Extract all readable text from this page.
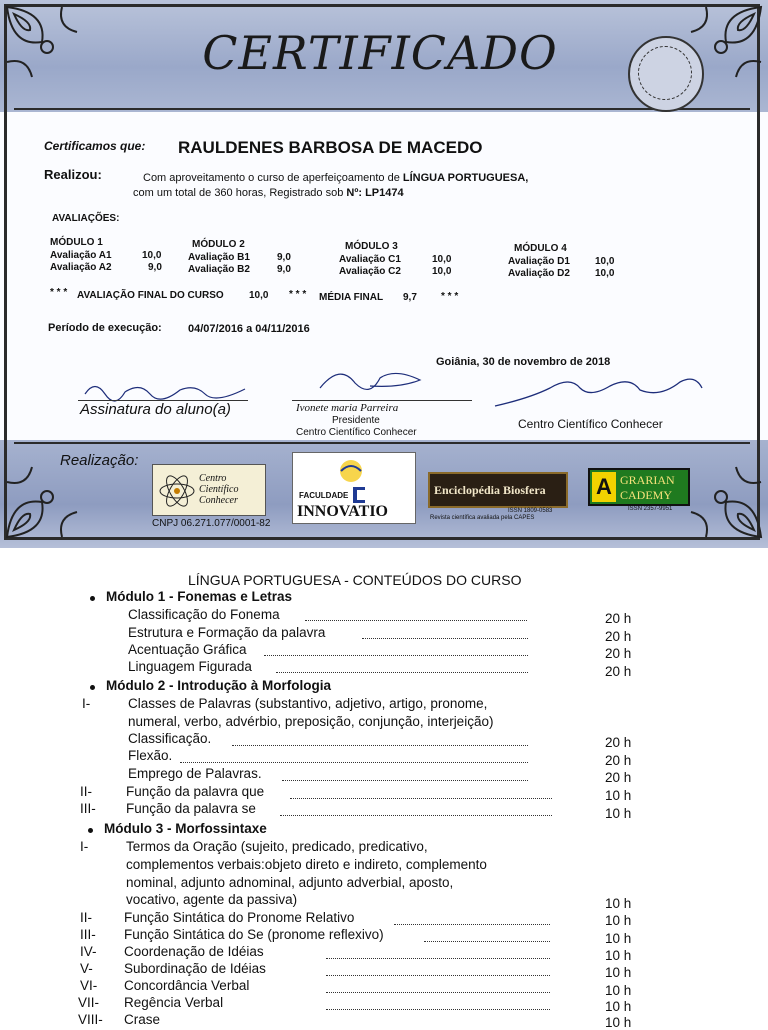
CERTIFICADO
Certificamos que: RAULDENES BARBOSA DE MACEDO
Realizou:	Com aproveitamento o curso de aperfeiçoamento de LÍNGUA PORTUGUESA,
com um total de 360 horas, Registrado sob Nº: LP1474
AVALIAÇÕES:
MÓDULO 1
Avaliação A1	10,0
Avaliação A2	9,0
MÓDULO 2
Avaliação B1	9,0
Avaliação B2	9,0
MÓDULO 3
Avaliação C1	10,0
Avaliação C2	10,0
MÓDULO 4
Avaliação D1	10,0
Avaliação D2	10,0
* * * AVALIAÇÃO FINAL DO CURSO	10,0 * * * MÉDIA FINAL 9,7 * * *
Período de execução: 04/07/2016 a 04/11/2016
Goiânia, 30 de novembro de 2018
Assinatura do aluno(a)	Ivonete maria Parreira
Presidente
Centro Científico Conhecer
Centro Científico Conhecer
Realização:
Centro Científico Conhecer
CNPJ 06.271.077/0001-82
FACULDADE
INNOVATIO
Enciclopédia Biosfera
ISSN 1809-0583
Revista científica avaliada pela CAPES
A GRARIAN
CADEMY
ISSN 2357-9951
LÍNGUA PORTUGUESA - CONTEÚDOS DO CURSO
Módulo 1 - Fonemas e Letras
Classificação do Fonema	20 h
Estrutura e Formação da palavra	20 h
Acentuação Gráfica	20 h
Linguagem Figurada	20 h
Módulo 2 - Introdução à Morfologia
I-	Classes de Palavras (substantivo, adjetivo, artigo, pronome,
numeral, verbo, advérbio, preposição, conjunção, interjeição)
Classificação.	20 h
Flexão.	20 h
Emprego de Palavras.	20 h
II-	Função da palavra que	10 h
III- Função da palavra se	10 h
Módulo 3 - Morfossintaxe
I-	Termos da Oração (sujeito, predicado, predicativo,
complementos verbais:objeto direto e indireto, complemento
nominal, adjunto adnominal, adjunto adverbial, aposto,
vocativo, agente da passiva)	10 h
II- Função Sintática do Pronome Relativo	10 h
III- Função Sintática do Se (pronome reflexivo)	10 h
IV- Coordenação de Idéias	10 h
V- Subordinação de Idéias	10 h
VI- Concordância Verbal	10 h
VII- Regência Verbal	10 h
VIII- Crase	10 h
